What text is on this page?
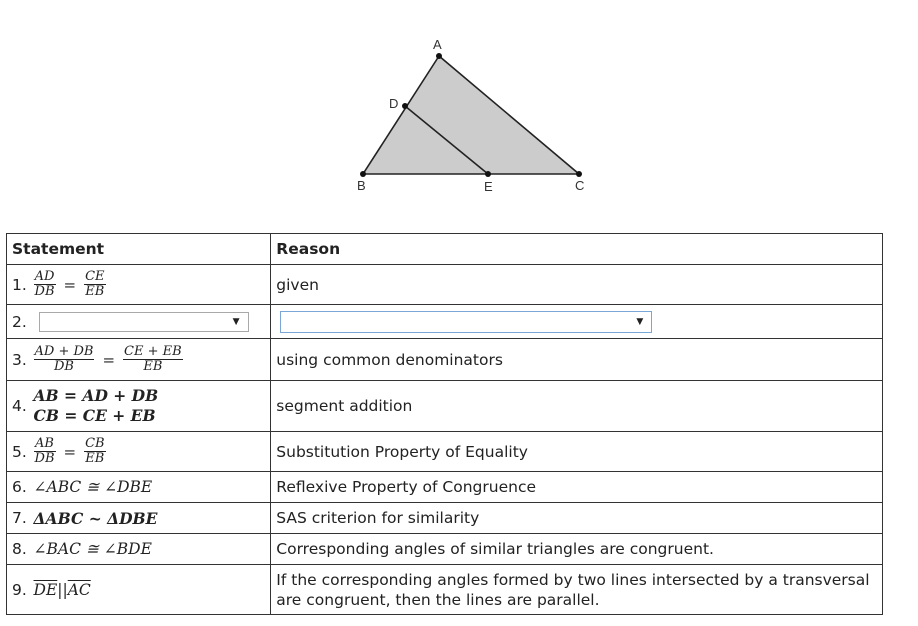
A
B	C
D
E
Statement		Reason
1.	$\frac{AD}{DB} = \frac{CE}{EB}$	given
2.	▼	▼

3.	$\frac{AD + DB}{DB} = \frac{CE + EB}{EB}$	using common denominators
4.	AB = AD + DB
CB = CE + EB	segment addition
5.	$\frac{AB}{DB} = \frac{CB}{EB}$	Substitution Property of Equality
6.	∠ABC ≅ ∠DBE	Reflexive Property of Congruence
7.	ΔABC ~ ΔDBE	SAS criterion for similarity
8.	∠BAC ≅ ∠BDE	Corresponding angles of similar triangles are congruent.
9.	$\overline{DE}||\overline{AC}$	If the corresponding angles formed by two lines intersected by a transversal are congruent, then the lines are parallel.
